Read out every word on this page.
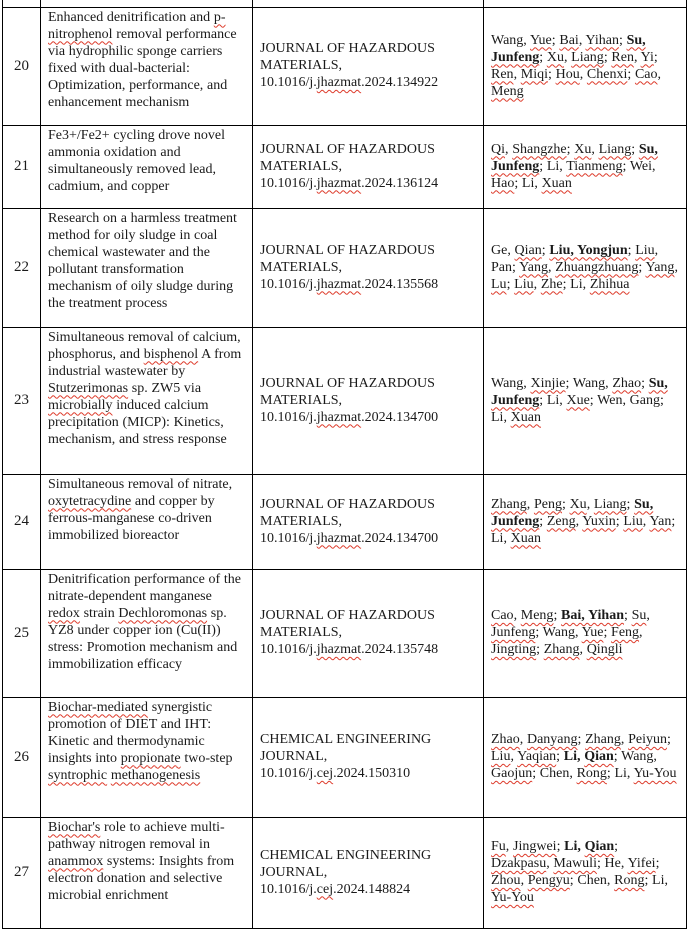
20	Enhanced denitrification and p-nitrophenol removal performance via hydrophilic sponge carriers fixed with dual-bacterial: Optimization, performance, and enhancement mechanism	JOURNAL OF HAZARDOUS MATERIALS, 10.1016/j.jhazmat.2024.134922	Wang, Yue; Bai, Yihan; Su, Junfeng; Xu, Liang; Ren, Yi; Ren, Miqi; Hou, Chenxi; Cao, Meng
21	Fe3+/Fe2+ cycling drove novel ammonia oxidation and simultaneously removed lead, cadmium, and copper	JOURNAL OF HAZARDOUS MATERIALS, 10.1016/j.jhazmat.2024.136124	Qi, Shangzhe; Xu, Liang; Su, Junfeng; Li, Tianmeng; Wei, Hao; Li, Xuan
22	Research on a harmless treatment method for oily sludge in coal chemical wastewater and the pollutant transformation mechanism of oily sludge during the treatment process	JOURNAL OF HAZARDOUS MATERIALS, 10.1016/j.jhazmat.2024.135568	Ge, Qian; Liu, Yongjun; Liu, Pan; Yang, Zhuangzhuang; Yang, Lu; Liu, Zhe; Li, Zhihua
23	Simultaneous removal of calcium, phosphorus, and bisphenol A from industrial wastewater by Stutzerimonas sp. ZW5 via microbially induced calcium precipitation (MICP): Kinetics, mechanism, and stress response	JOURNAL OF HAZARDOUS MATERIALS, 10.1016/j.jhazmat.2024.134700	Wang, Xinjie; Wang, Zhao; Su, Junfeng; Li, Xue; Wen, Gang; Li, Xuan
24	Simultaneous removal of nitrate, oxytetracydine and copper by ferrous-manganese co-driven immobilized bioreactor	JOURNAL OF HAZARDOUS MATERIALS, 10.1016/j.jhazmat.2024.134700	Zhang, Peng; Xu, Liang; Su, Junfeng; Zeng, Yuxin; Liu, Yan; Li, Xuan
25	Denitrification performance of the nitrate-dependent manganese redox strain Dechloromonas sp. YZ8 under copper ion (Cu(II)) stress: Promotion mechanism and immobilization efficacy	JOURNAL OF HAZARDOUS MATERIALS, 10.1016/j.jhazmat.2024.135748	Cao, Meng; Bai, Yihan; Su, Junfeng; Wang, Yue; Feng, Jingting; Zhang, Qingli
26	Biochar-mediated synergistic promotion of DIET and IHT: Kinetic and thermodynamic insights into propionate two-step syntrophic methanogenesis	CHEMICAL ENGINEERING JOURNAL, 10.1016/j.cej.2024.150310	Zhao, Danyang; Zhang, Peiyun; Liu, Yaqian; Li, Qian; Wang, Gaojun; Chen, Rong; Li, Yu-You
27	Biochar's role to achieve multi-pathway nitrogen removal in anammox systems: Insights from electron donation and selective microbial enrichment	CHEMICAL ENGINEERING JOURNAL, 10.1016/j.cej.2024.148824	Fu, Jingwei; Li, Qian; Dzakpasu, Mawuli; He, Yifei; Zhou, Pengyu; Chen, Rong; Li, Yu-You
